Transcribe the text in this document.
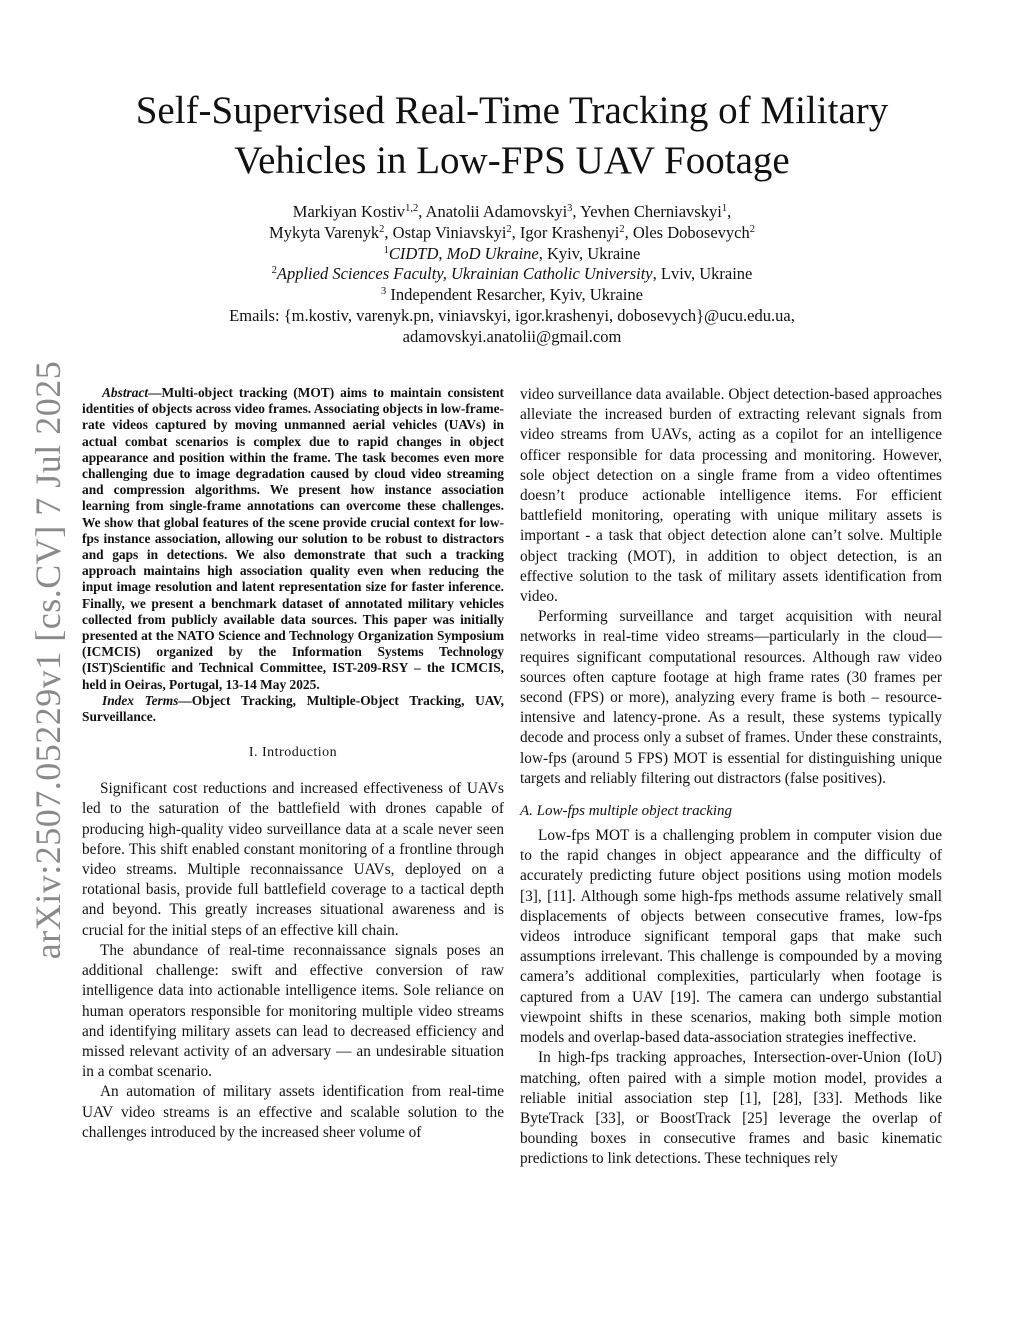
Self-Supervised Real-Time Tracking of Military
Vehicles in Low-FPS UAV Footage
Markiyan Kostiv$^{1,2}$, Anatolii Adamovskyi$^3$, Yevhen Cherniavskyi$^1$,
Mykyta Varenyk$^2$, Ostap Viniavskyi$^2$, Igor Krashenyi$^2$, Oles Dobosevych$^2$
$^1$CIDTD, MoD Ukraine, Kyiv, Ukraine
$^2$Applied Sciences Faculty, Ukrainian Catholic University, Lviv, Ukraine
$^3$ Independent Resarcher, Kyiv, Ukraine
Emails: {m.kostiv, varenyk.pn, viniavskyi, igor.krashenyi, dobosevych}@ucu.edu.ua,
adamovskyi.anatolii@gmail.com
arXiv:2507.05229v1 [cs.CV] 7 Jul 2025	Abstract—Multi-object tracking (MOT) aims to maintain consistent identities of objects across video frames. Associating objects in low-frame-rate videos captured by moving unmanned aerial vehicles (UAVs) in actual combat scenarios is complex due to rapid changes in object appearance and position within the frame. The task becomes even more challenging due to image degradation caused by cloud video streaming and compression algorithms. We present how instance association learning from single-frame annotations can overcome these challenges. We show that global features of the scene provide crucial context for low-fps instance association, allowing our solution to be robust to distractors and gaps in detections. We also demonstrate that such a tracking approach maintains high association quality even when reducing the input image resolution and latent representation size for faster inference. Finally, we present a benchmark dataset of annotated military vehicles collected from publicly available data sources. This paper was initially presented at the NATO Science and Technology Organization Symposium (ICMCIS) organized by the Information Systems Technology (IST)Scientific and Technical Committee, IST-209-RSY – the ICMCIS, held in Oeiras, Portugal, 13-14 May 2025.

Index Terms—Object Tracking, Multiple-Object Tracking, UAV, Surveillance.

I. Introduction

Significant cost reductions and increased effectiveness of UAVs led to the saturation of the battlefield with drones capable of producing high-quality video surveillance data at a scale never seen before. This shift enabled constant monitoring of a frontline through video streams. Multiple reconnaissance UAVs, deployed on a rotational basis, provide full battlefield coverage to a tactical depth and beyond. This greatly increases situational awareness and is crucial for the initial steps of an effective kill chain.

The abundance of real-time reconnaissance signals poses an additional challenge: swift and effective conversion of raw intelligence data into actionable intelligence items. Sole reliance on human operators responsible for monitoring multiple video streams and identifying military assets can lead to decreased efficiency and missed relevant activity of an adversary — an undesirable situation in a combat scenario.

An automation of military assets identification from real-time UAV video streams is an effective and scalable solution to the challenges introduced by the increased sheer volume of

video surveillance data available. Object detection-based approaches alleviate the increased burden of extracting relevant signals from video streams from UAVs, acting as a copilot for an intelligence officer responsible for data processing and monitoring. However, sole object detection on a single frame from a video oftentimes doesn’t produce actionable intelligence items. For efficient battlefield monitoring, operating with unique military assets is important - a task that object detection alone can’t solve. Multiple object tracking (MOT), in addition to object detection, is an effective solution to the task of military assets identification from video.

Performing surveillance and target acquisition with neural networks in real-time video streams—particularly in the cloud—requires significant computational resources. Although raw video sources often capture footage at high frame rates (30 frames per second (FPS) or more), analyzing every frame is both – resource-intensive and latency-prone. As a result, these systems typically decode and process only a subset of frames. Under these constraints, low-fps (around 5 FPS) MOT is essential for distinguishing unique targets and reliably filtering out distractors (false positives).

A. Low-fps multiple object tracking

Low-fps MOT is a challenging problem in computer vision due to the rapid changes in object appearance and the difficulty of accurately predicting future object positions using motion models [3], [11]. Although some high-fps methods assume relatively small displacements of objects between consecutive frames, low-fps videos introduce significant temporal gaps that make such assumptions irrelevant. This challenge is compounded by a moving camera’s additional complexities, particularly when footage is captured from a UAV [19]. The camera can undergo substantial viewpoint shifts in these scenarios, making both simple motion models and overlap-based data-association strategies ineffective.

In high-fps tracking approaches, Intersection-over-Union (IoU) matching, often paired with a simple motion model, provides a reliable initial association step [1], [28], [33]. Methods like ByteTrack [33], or BoostTrack [25] leverage the overlap of bounding boxes in consecutive frames and basic kinematic predictions to link detections. These techniques rely
